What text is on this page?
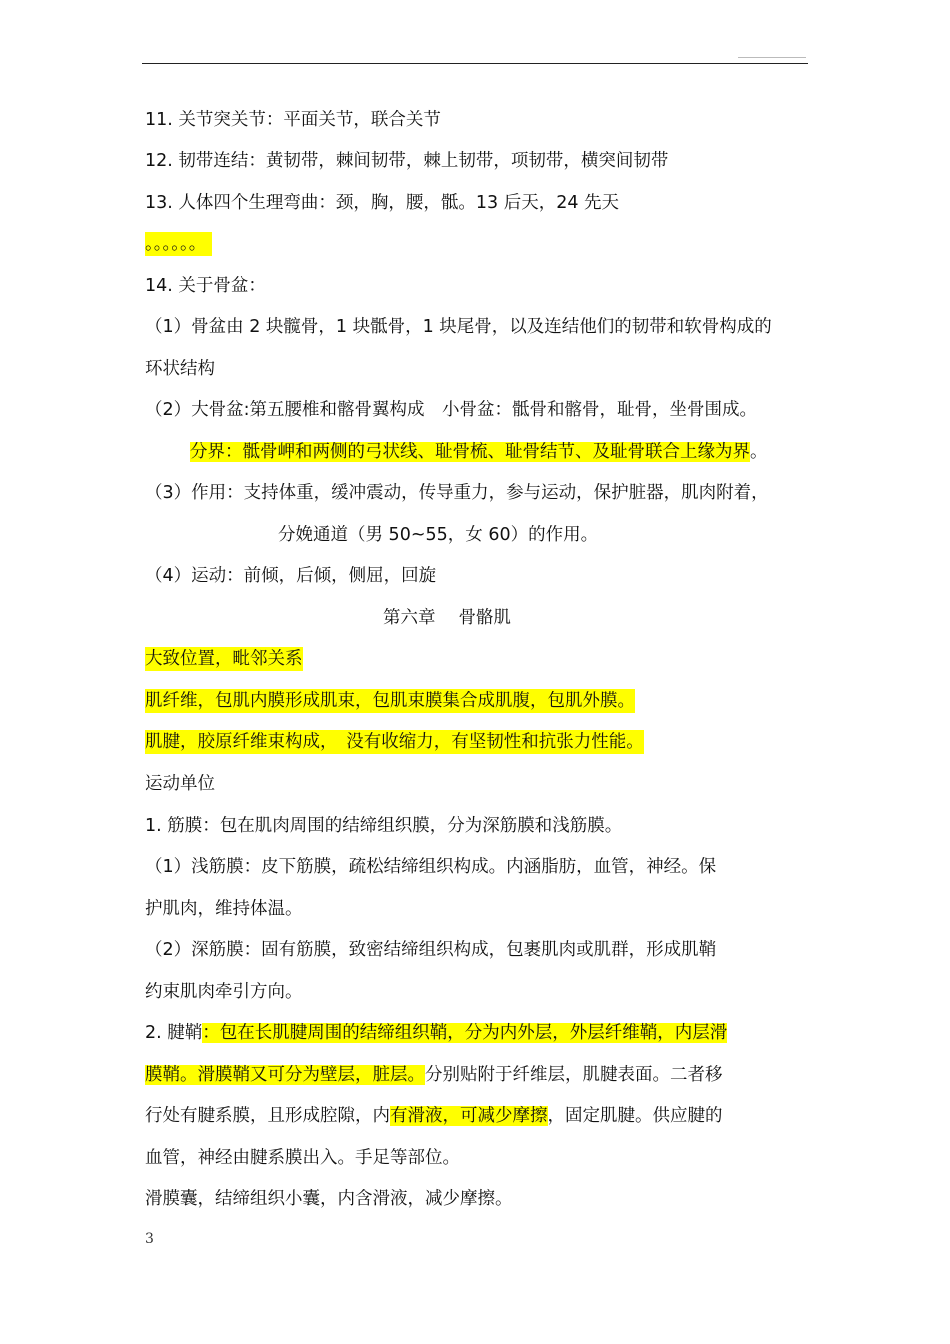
11. 关节突关节：平面关节，联合关节
12. 韧带连结：黄韧带，棘间韧带，棘上韧带，项韧带，横突间韧带
13. 人体四个生理弯曲：颈，胸，腰，骶。13 后天，24 先天
。。。。。。
14. 关于骨盆：
（1）骨盆由 2 块髋骨，1 块骶骨，1 块尾骨，以及连结他们的韧带和软骨构成的
环状结构
（2）大骨盆:第五腰椎和髂骨翼构成　小骨盆：骶骨和髂骨，耻骨，坐骨围成。
分界：骶骨岬和两侧的弓状线、耻骨梳、耻骨结节、及耻骨联合上缘为界。
（3）作用：支持体重，缓冲震动，传导重力，参与运动，保护脏器，肌肉附着，
分娩通道（男 50~55，女 60）的作用。
（4）运动：前倾，后倾，侧屈，回旋
第六章　 骨骼肌
大致位置，毗邻关系
肌纤维，包肌内膜形成肌束，包肌束膜集合成肌腹，包肌外膜。
肌腱，胶原纤维束构成，　没有收缩力，有坚韧性和抗张力性能。
运动单位
1. 筋膜：包在肌肉周围的结缔组织膜，分为深筋膜和浅筋膜。
（1）浅筋膜：皮下筋膜，疏松结缔组织构成。内涵脂肪，血管，神经。保
护肌肉，维持体温。
（2）深筋膜：固有筋膜，致密结缔组织构成，包裹肌肉或肌群，形成肌鞘
约束肌肉牵引方向。
2. 腱鞘：包在长肌腱周围的结缔组织鞘，分为内外层，外层纤维鞘，内层滑
膜鞘。滑膜鞘又可分为壁层，脏层。分别贴附于纤维层，肌腱表面。二者移
行处有腱系膜，且形成腔隙，内有滑液，可减少摩擦，固定肌腱。供应腱的
血管，神经由腱系膜出入。手足等部位。
滑膜囊，结缔组织小囊，内含滑液，减少摩擦。
3
